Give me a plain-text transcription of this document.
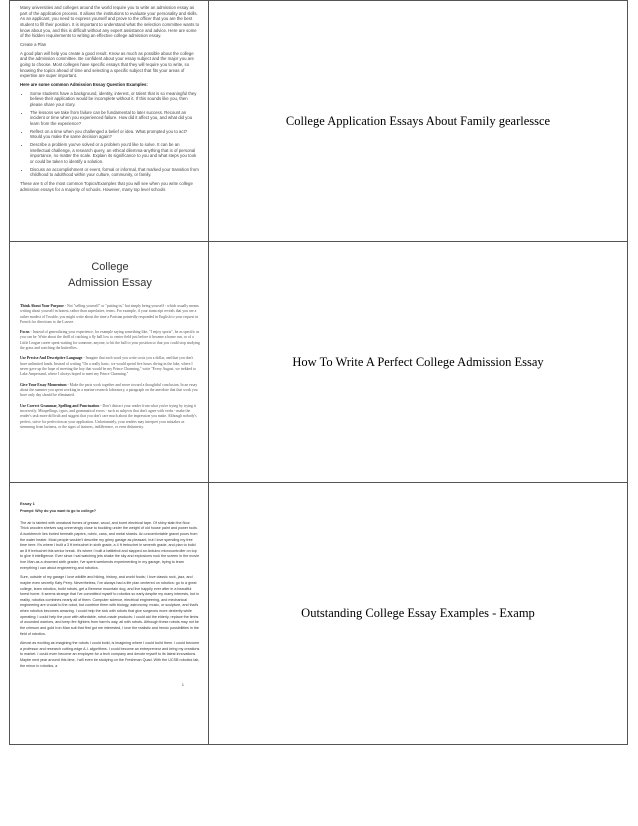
Many universities and colleges around the world require you to write an admission essay as part of the application process. It allows the institutions to evaluate your personality and skills. As an applicant, you need to express yourself and prove to the officer that you are the best student to fill their position. It is important to understand what the selection committee wants to know about you, and this is difficult without any expert assistance and advice. Here are some of the hidden requirements to writing an effective college admission essay.

Create a Plan

A good plan will help you create a good result. Know as much as possible about the college and the admission committee. Be confident about your essay subject and the major you are going to choose. Most colleges have specific essays that they will require you to write, so knowing the topics ahead of time and selecting a specific subject that fits your areas of expertise are super important.

Here are some common Admission Essay Question Examples:

• Some students have a background, identity, interest, or talent that is so meaningful they believe their application would be incomplete without it. If this sounds like you, then please share your story.
• The lessons we take from failure can be fundamental to later success. Recount an incident or time when you experienced failure. How did it affect you, and what did you learn from the experience?
• Reflect on a time when you challenged a belief or idea. What prompted you to act? Would you make the same decision again?
• Describe a problem you've solved or a problem you'd like to solve. It can be an intellectual challenge, a research query, an ethical dilemma-anything that is of personal importance, no matter the scale. Explain its significance to you and what steps you took or could be taken to identify a solution.
• Discuss an accomplishment or event, formal or informal, that marked your transition from childhood to adulthood within your culture, community, or family.

These are 5 of the most common Topics/Examples that you will see when you write college admission essays for a majority of schools. However, many top level schools

College Application Essays About Family gearlessce
College
Admission Essay

Think About Your Purpose - Not "selling yourself" or "putting in," but simply being yourself - which usually means writing about yourself in honest, rather than superlative, terms. For example, if your transcript reveals that you are a rather modest of Trouble, you might write about the time a Parisian pointedly responded in English to your request in French for directions to the Louvre.

Focus - Instead of generalizing your experience, for example saying something like, "I enjoy sports", be as specific as you can be. Write about the thrill of catching a fly ball low to center field just before it became a home run, or of a Little League career spent waiting for someone, anyone, to hit the ball to your position so that you could stop studying the grass and watching the butterflies.

Use Precise And Descriptive Language - Imagine that each word you write costs you a dollar, and that you don't have unlimited funds. Instead of writing "On a really basic, we would spend five hours diving in the lake, where I never gave up the hope of meeting the boy that would be my Prince Charming," write "Every August, we trekked to Lake Ampersand, where I always hoped to meet my Prince Charming."

Give Your Essay Momentum - Make the parts work together and move toward a thoughtful conclusion. In an essay about the summer you spent working in a marine research laboratory, a paragraph on the anecdote that that work you have only day should be eliminated.

Use Correct Grammar, Spelling and Punctuation - Don't distract your reader from what you're trying by trying it incorrectly. Misspellings, typos, and grammatical errors - such as subjects that don't agree with verbs - make the reader's task more difficult and suggest that you don't care much about the impression you make. Although nobody's perfect, strive for perfection on your application. Unfortunately, your readers may interpret your mistakes as stemming from laziness, or the signs of laziness, indifference, or even dishonesty.

How To Write A Perfect College Admission Essay

Essay 1

Prompt: Why do you want to go to college?

The air is tainted with unnatural fumes of grease, wood, and burnt electrical tape. Of shiny stain the floor. Thick wooden shelves sag unnervingly close to buckling under the weight of old house paint and power tools. A workbench lies buried beneath papers, rubric, cans, and metal shards. An uncomfortable gravel pours from the water heater. Most people wouldn't describe my grimy garage as pleasant, but I love spending my free time here. It's where I built a 3 ft trebuchet in sixth grade, a 4 ft trebuchet in seventh grade, and plan to build an 8 ft trebuchet this senior break. It's where I built a battlebot and slapped an Arduino microcontroller on top to give it intelligence. Ever since I sat watching jets shake the sky and explosions rock the screen in the movie Iron Man as a drowned sixth grader, I've spent weekends experimenting in my garage, trying to learn everything I can about engineering and robotics.

Sure, outside of my garage I love wildlife and hiking, history, and world foods; I love classic rock, jazz, and maybe even secretly Katy Perry. Nevertheless, I've always had a life plan centered on robotics: go to a great college, learn robotics, build robots, get a Bernese mountain dog, and live happily ever after in a beautiful forest home. It seems strange that I've committed myself to robotics so early despite my many interests, but in reality, robotics combines nearly all of them. Computer science, electrical engineering, and mechanical engineering are crucial to the robot, but combine them with biology, astronomy, music, or sculpture, and that's when robotics becomes amazing. I could help the sick with robots that give surgeons more dexterity while operating; I could help the poor with affordable, robot-made products; I could aid the elderly, replace the limbs of wounded warriors, and keep fire fighters from harm's way, all with robots. Although these robots may not be the crimson and gold Iron Man suit that first got me interested, I love the realistic and heroic possibilities in the field of robotics.

Almost as exciting as imagining the robots I could build, is imagining where I could build them. I could become a professor and research cutting-edge A.I. algorithms. I could become an entrepreneur and bring my creations to market. I could even become an employee for a tech company and devote myself to its latest innovations. Maybe next year around this time, I will even be studying on the Freshman Quad. With the UCSB robotics lab, the minor in robotics, a

1
Outstanding College Essay Examples - Examp
